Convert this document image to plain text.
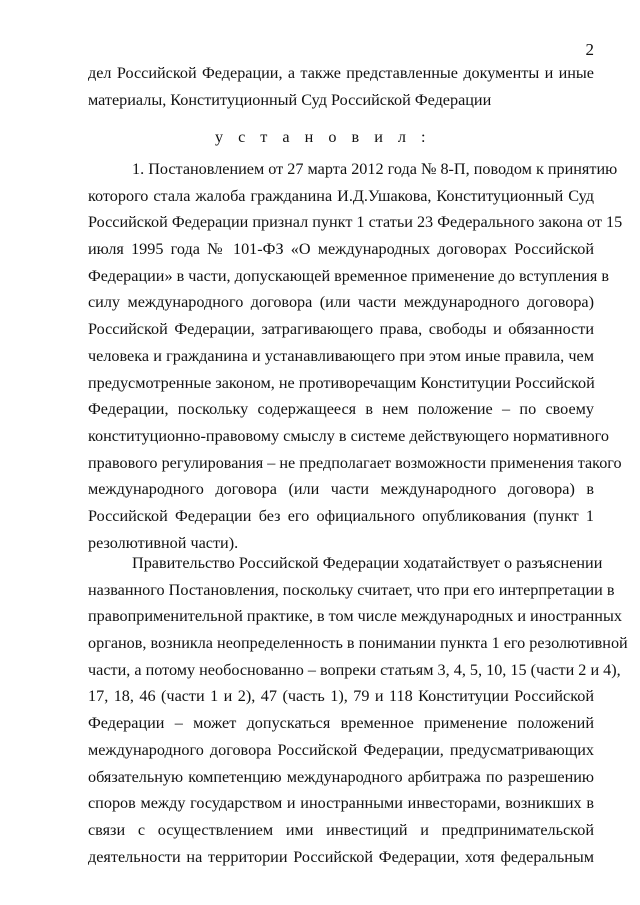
2
дел Российской Федерации, а также представленные документы и иные
материалы, Конституционный Суд Российской Федерации
у с т а н о в и л :
1. Постановлением от 27 марта 2012 года № 8-П, поводом к принятию
которого стала жалоба гражданина И.Д.Ушакова, Конституционный Суд
Российской Федерации признал пункт 1 статьи 23 Федерального закона от 15
июля 1995 года № 101-ФЗ «О международных договорах Российской
Федерации» в части, допускающей временное применение до вступления в
силу международного договора (или части международного договора)
Российской Федерации, затрагивающего права, свободы и обязанности
человека и гражданина и устанавливающего при этом иные правила, чем
предусмотренные законом, не противоречащим Конституции Российской
Федерации, поскольку содержащееся в нем положение – по своему
конституционно-правовому смыслу в системе действующего нормативного
правового регулирования – не предполагает возможности применения такого
международного договора (или части международного договора) в
Российской Федерации без его официального опубликования (пункт 1
резолютивной части).
Правительство Российской Федерации ходатайствует о разъяснении
названного Постановления, поскольку считает, что при его интерпретации в
правоприменительной практике, в том числе международных и иностранных
органов, возникла неопределенность в понимании пункта 1 его резолютивной
части, а потому необоснованно – вопреки статьям 3, 4, 5, 10, 15 (части 2 и 4),
17, 18, 46 (части 1 и 2), 47 (часть 1), 79 и 118 Конституции Российской
Федерации – может допускаться временное применение положений
международного договора Российской Федерации, предусматривающих
обязательную компетенцию международного арбитража по разрешению
споров между государством и иностранными инвесторами, возникших в
связи с осуществлением ими инвестиций и предпринимательской
деятельности на территории Российской Федерации, хотя федеральным
